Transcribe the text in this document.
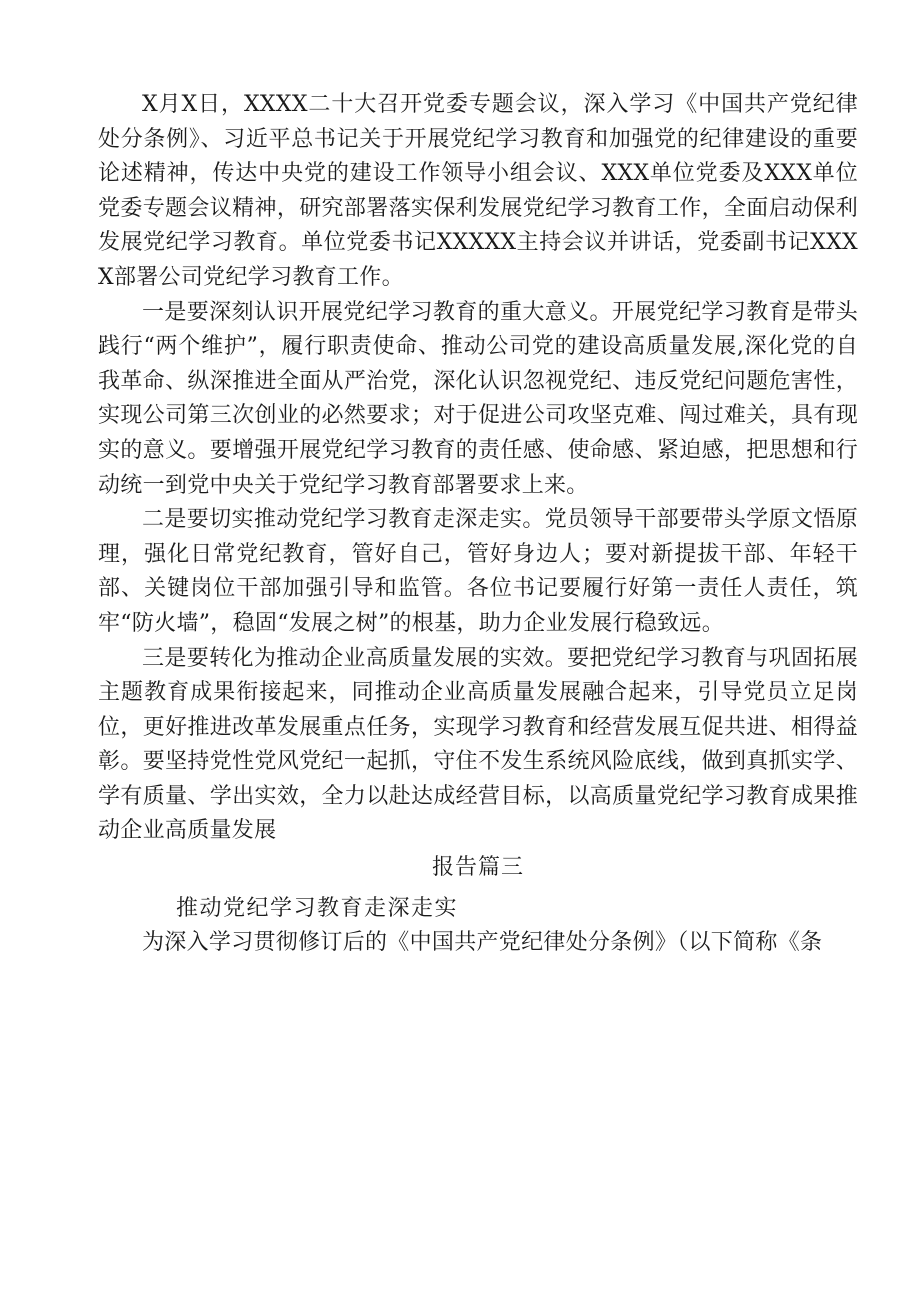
X月X日，XXXX二十大召开党委专题会议，深入学习《中国共产党纪律处分条例》、习近平总书记关于开展党纪学习教育和加强党的纪律建设的重要论述精神，传达中央党的建设工作领导小组会议、XXX单位党委及XXX单位党委专题会议精神，研究部署落实保利发展党纪学习教育工作，全面启动保利发展党纪学习教育。单位党委书记XXXXX主持会议并讲话，党委副书记XXXX部署公司党纪学习教育工作。

一是要深刻认识开展党纪学习教育的重大意义。开展党纪学习教育是带头践行“两个维护”，履行职责使命、推动公司党的建设高质量发展,深化党的自我革命、纵深推进全面从严治党，深化认识忽视党纪、违反党纪问题危害性，实现公司第三次创业的必然要求；对于促进公司攻坚克难、闯过难关，具有现实的意义。要增强开展党纪学习教育的责任感、使命感、紧迫感，把思想和行动统一到党中央关于党纪学习教育部署要求上来。

二是要切实推动党纪学习教育走深走实。党员领导干部要带头学原文悟原理，强化日常党纪教育，管好自己，管好身边人；要对新提拔干部、年轻干部、关键岗位干部加强引导和监管。各位书记要履行好第一责任人责任，筑牢“防火墙”，稳固“发展之树”的根基，助力企业发展行稳致远。

三是要转化为推动企业高质量发展的实效。要把党纪学习教育与巩固拓展主题教育成果衔接起来，同推动企业高质量发展融合起来，引导党员立足岗位，更好推进改革发展重点任务，实现学习教育和经营发展互促共进、相得益彰。要坚持党性党风党纪一起抓，守住不发生系统风险底线，做到真抓实学、学有质量、学出实效，全力以赴达成经营目标，以高质量党纪学习教育成果推动企业高质量发展

报告篇三

推动党纪学习教育走深走实

为深入学习贯彻修订后的《中国共产党纪律处分条例》（以下简称《条
